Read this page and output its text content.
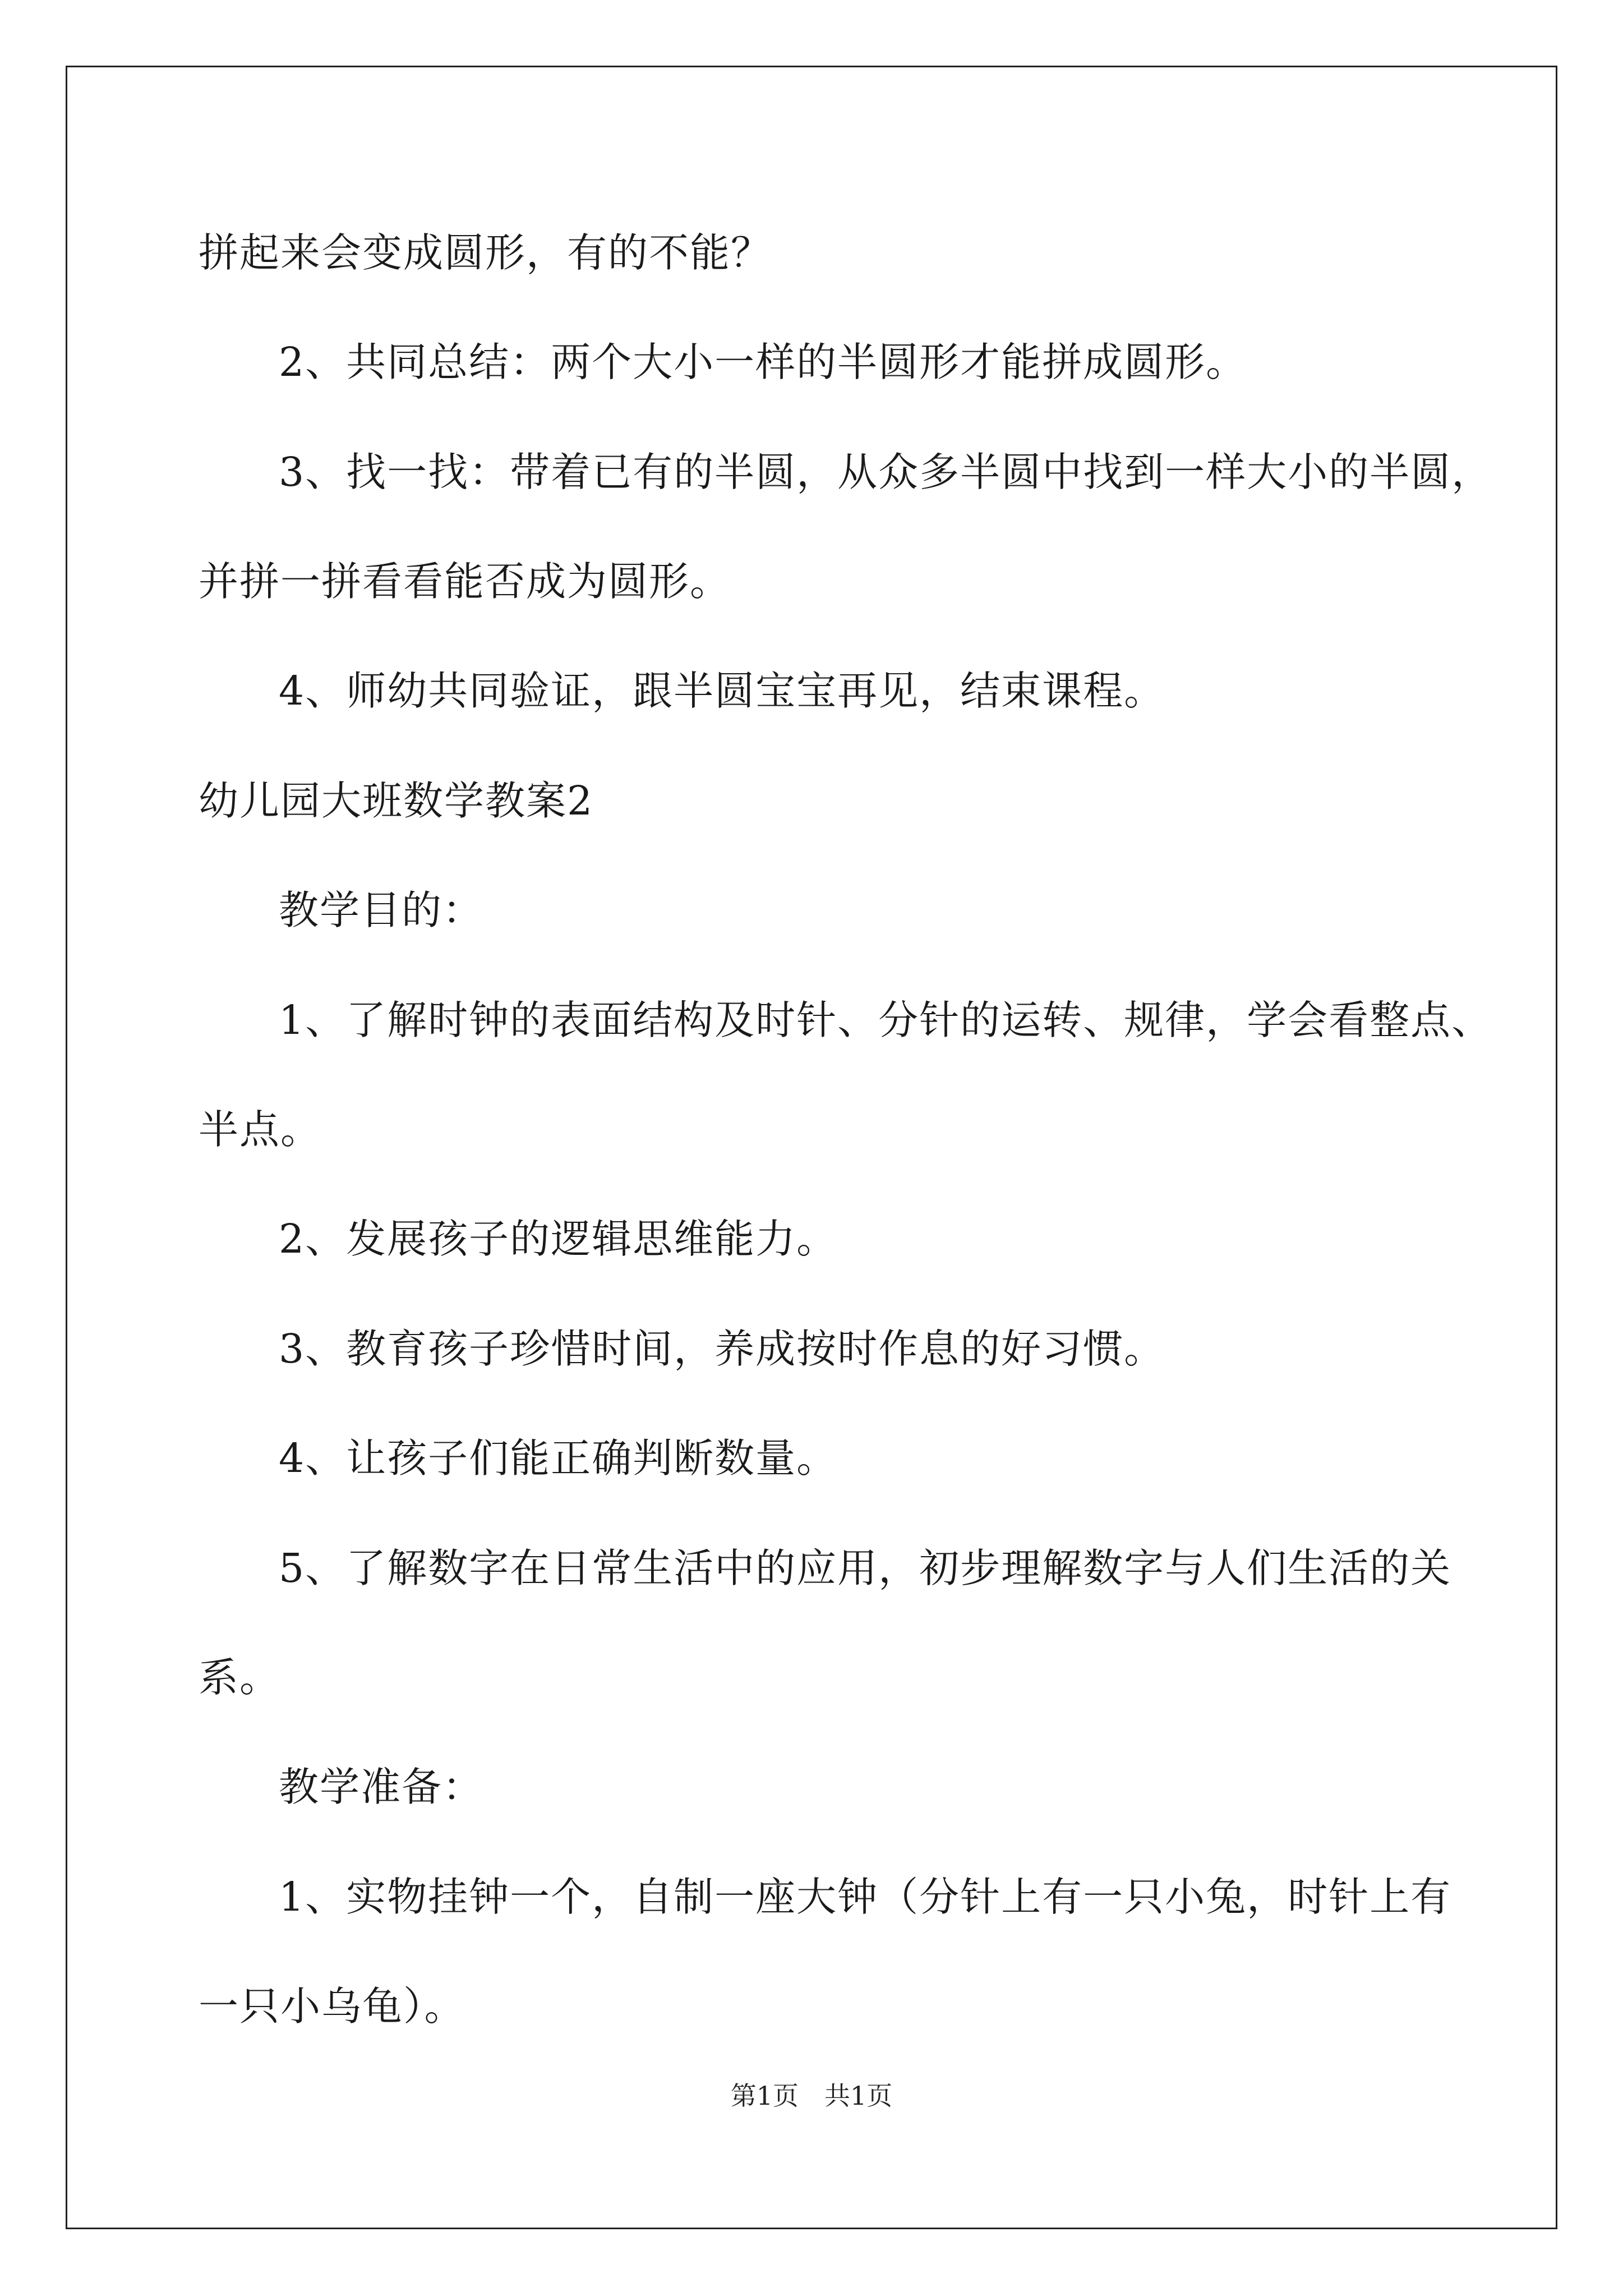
拼起来会变成圆形，有的不能？
2、共同总结：两个大小一样的半圆形才能拼成圆形。
3、找一找：带着已有的半圆，从众多半圆中找到一样大小的半圆，
并拼一拼看看能否成为圆形。
4、师幼共同验证，跟半圆宝宝再见，结束课程。
幼儿园大班数学教案2
教学目的：
1、了解时钟的表面结构及时针、分针的运转、规律，学会看整点、
半点。
2、发展孩子的逻辑思维能力。
3、教育孩子珍惜时间，养成按时作息的好习惯。
4、让孩子们能正确判断数量。
5、了解数字在日常生活中的应用，初步理解数字与人们生活的关
系。
教学准备：
1、实物挂钟一个，自制一座大钟（分针上有一只小兔，时针上有
一只小乌龟）。
第1页　共1页
